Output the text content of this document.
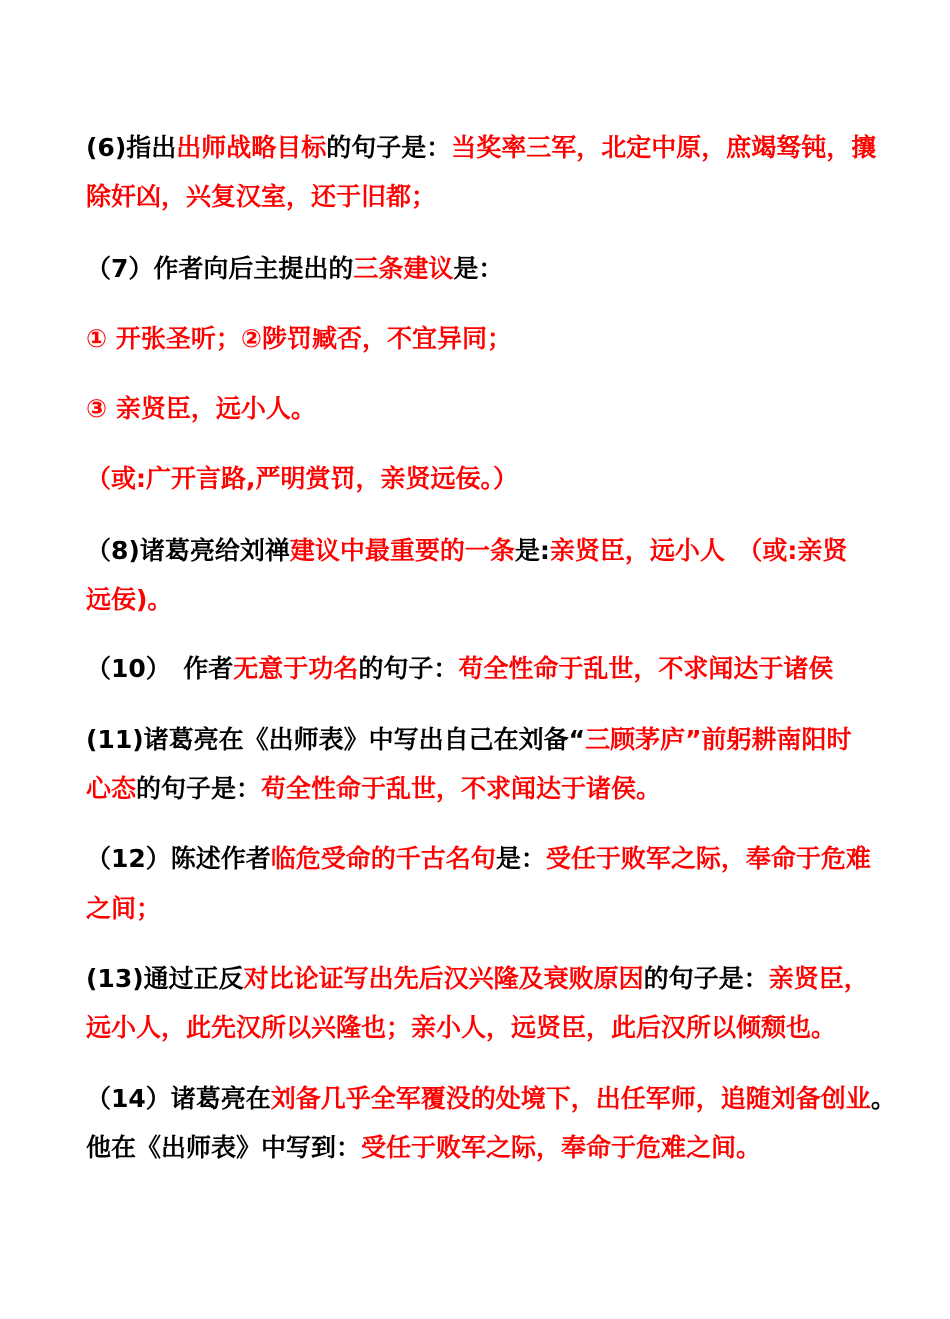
(6)指出出师战略目标的句子是：当奖率三军，北定中原，庶竭驽钝，攘
除奸凶，兴复汉室，还于旧都；
（7）作者向后主提出的三条建议是：
① 开张圣听；②陟罚臧否，不宜异同；
③ 亲贤臣，远小人。
（或:广开言路,严明赏罚，亲贤远佞。）
（8)诸葛亮给刘禅建议中最重要的一条是:亲贤臣，远小人　（或:亲贤
远佞)。
（10）　作者无意于功名的句子：苟全性命于乱世，不求闻达于诸侯
(11)诸葛亮在《出师表》中写出自己在刘备“三顾茅庐”前躬耕南阳时
心态的句子是：苟全性命于乱世，不求闻达于诸侯。
（12）陈述作者临危受命的千古名句是：受任于败军之际，奉命于危难
之间；
(13)通过正反对比论证写出先后汉兴隆及衰败原因的句子是：亲贤臣，
远小人，此先汉所以兴隆也；亲小人，远贤臣，此后汉所以倾颓也。
（14）诸葛亮在刘备几乎全军覆没的处境下，出任军师，追随刘备创业。
他在《出师表》中写到：受任于败军之际，奉命于危难之间。
